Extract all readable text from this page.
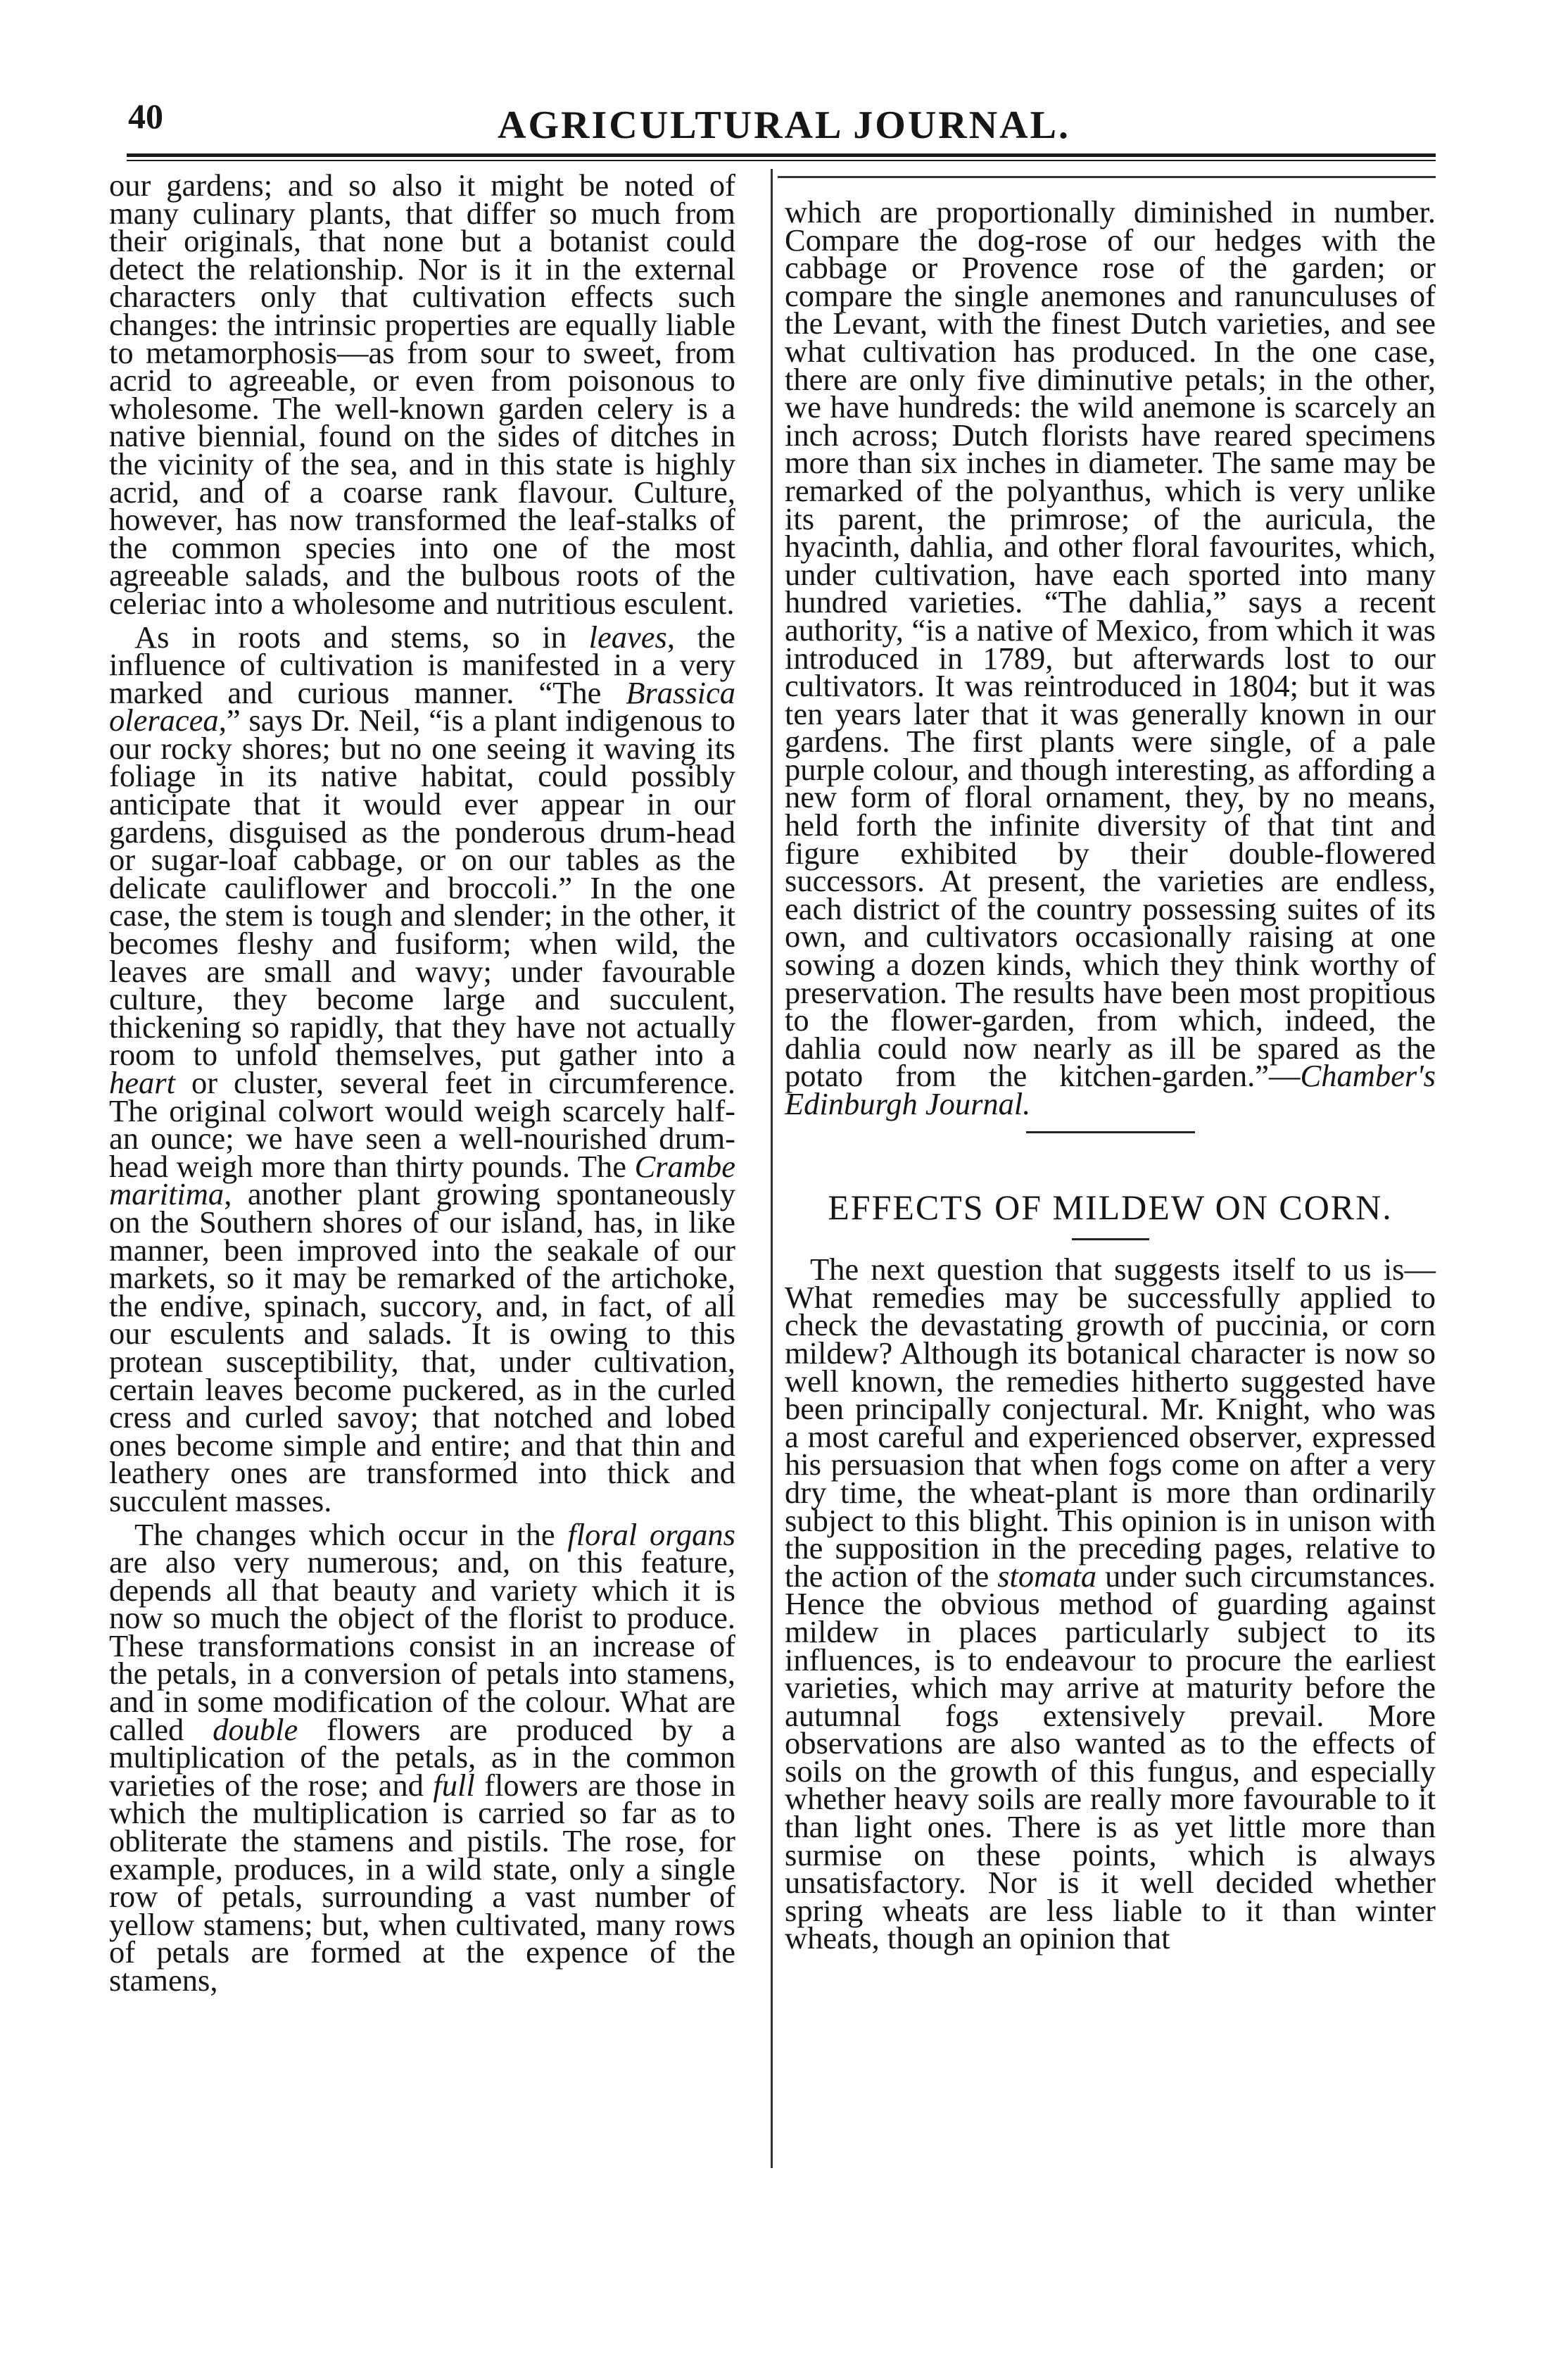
40	AGRICULTURAL JOURNAL.

our gardens; and so also it might be noted of many culinary plants, that differ so much from their originals, that none but a botanist could detect the relationship. Nor is it in the external characters only that cultivation effects such changes: the intrinsic properties are equally liable to metamorphosis—as from sour to sweet, from acrid to agreeable, or even from poisonous to wholesome. The well-known garden celery is a native biennial, found on the sides of ditches in the vicinity of the sea, and in this state is highly acrid, and of a coarse rank flavour. Culture, however, has now transformed the leaf-stalks of the common species into one of the most agreeable salads, and the bulbous roots of the celeriac into a wholesome and nutritious esculent.

As in roots and stems, so in leaves, the influence of cultivation is manifested in a very marked and curious manner. “The Brassica oleracea,” says Dr. Neil, “is a plant indigenous to our rocky shores; but no one seeing it waving its foliage in its native habitat, could possibly anticipate that it would ever appear in our gardens, disguised as the ponderous drum-head or sugar-loaf cabbage, or on our tables as the delicate cauliflower and broccoli.” In the one case, the stem is tough and slender; in the other, it becomes fleshy and fusiform; when wild, the leaves are small and wavy; under favourable culture, they become large and succulent, thickening so rapidly, that they have not actually room to unfold themselves, put gather into a heart or cluster, several feet in circumference. The original colwort would weigh scarcely half-an ounce; we have seen a well-nourished drum-head weigh more than thirty pounds. The Crambe maritima, another plant growing spontaneously on the Southern shores of our island, has, in like manner, been improved into the seakale of our markets, so it may be remarked of the artichoke, the endive, spinach, succory, and, in fact, of all our esculents and salads. It is owing to this protean susceptibility, that, under cultivation, certain leaves become puckered, as in the curled cress and curled savoy; that notched and lobed ones become simple and entire; and that thin and leathery ones are transformed into thick and succulent masses.

The changes which occur in the floral organs are also very numerous; and, on this feature, depends all that beauty and variety which it is now so much the object of the florist to produce. These transformations consist in an increase of the petals, in a conversion of petals into stamens, and in some modification of the colour. What are called double flowers are produced by a multiplication of the petals, as in the common varieties of the rose; and full flowers are those in which the multiplication is carried so far as to obliterate the stamens and pistils. The rose, for example, produces, in a wild state, only a single row of petals, surrounding a vast number of yellow stamens; but, when cultivated, many rows of petals are formed at the expence of the stamens,

which are proportionally diminished in number. Compare the dog-rose of our hedges with the cabbage or Provence rose of the garden; or compare the single anemones and ranunculuses of the Levant, with the finest Dutch varieties, and see what cultivation has produced. In the one case, there are only five diminutive petals; in the other, we have hundreds: the wild anemone is scarcely an inch across; Dutch florists have reared specimens more than six inches in diameter. The same may be remarked of the polyanthus, which is very unlike its parent, the primrose; of the auricula, the hyacinth, dahlia, and other floral favourites, which, under cultivation, have each sported into many hundred varieties. “The dahlia,” says a recent authority, “is a native of Mexico, from which it was introduced in 1789, but afterwards lost to our cultivators. It was reintroduced in 1804; but it was ten years later that it was generally known in our gardens. The first plants were single, of a pale purple colour, and though interesting, as affording a new form of floral ornament, they, by no means, held forth the infinite diversity of that tint and figure exhibited by their double-flowered successors. At present, the varieties are endless, each district of the country possessing suites of its own, and cultivators occasionally raising at one sowing a dozen kinds, which they think worthy of preservation. The results have been most propitious to the flower-garden, from which, indeed, the dahlia could now nearly as ill be spared as the potato from the kitchen-garden.”—Chamber's Edinburgh Journal.

EFFECTS OF MILDEW ON CORN.

The next question that suggests itself to us is—What remedies may be successfully applied to check the devastating growth of puccinia, or corn mildew? Although its botanical character is now so well known, the remedies hitherto suggested have been principally conjectural. Mr. Knight, who was a most careful and experienced observer, expressed his persuasion that when fogs come on after a very dry time, the wheat-plant is more than ordinarily subject to this blight. This opinion is in unison with the supposition in the preceding pages, relative to the action of the stomata under such circumstances. Hence the obvious method of guarding against mildew in places particularly subject to its influences, is to endeavour to procure the earliest varieties, which may arrive at maturity before the autumnal fogs extensively prevail. More observations are also wanted as to the effects of soils on the growth of this fungus, and especially whether heavy soils are really more favourable to it than light ones. There is as yet little more than surmise on these points, which is always unsatisfactory. Nor is it well decided whether spring wheats are less liable to it than winter wheats, though an opinion that
